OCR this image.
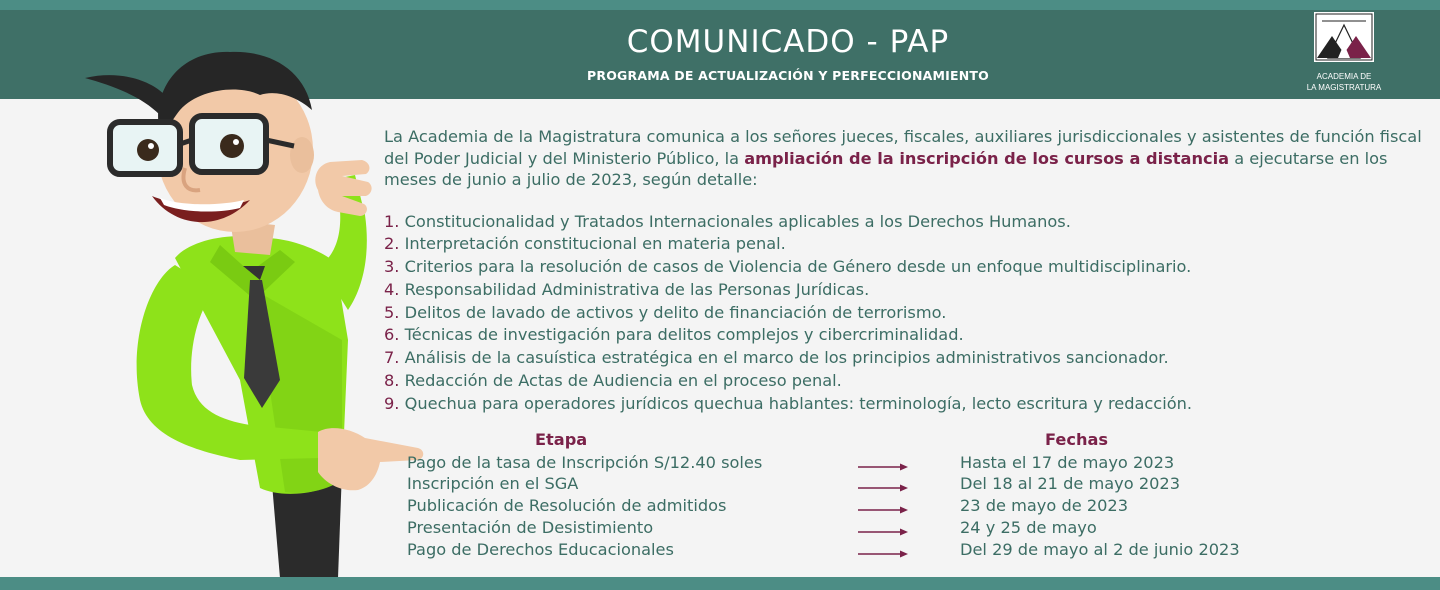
COMUNICADO - PAP
PROGRAMA DE ACTUALIZACIÓN Y PERFECCIONAMIENTO	ACADEMIA DE
LA MAGISTRATURA

La Academia de la Magistratura comunica a los señores jueces, fiscales, auxiliares jurisdiccionales y asistentes de función fiscal del Poder Judicial y del Ministerio Público, la ampliación de la inscripción de los cursos a distancia a ejecutarse en los meses de junio a julio de 2023, según detalle:

1. Constitucionalidad y Tratados Internacionales aplicables a los Derechos Humanos.
2. Interpretación constitucional en materia penal.
3. Criterios para la resolución de casos de Violencia de Género desde un enfoque multidisciplinario.
4. Responsabilidad Administrativa de las Personas Jurídicas.
5. Delitos de lavado de activos y delito de financiación de terrorismo.
6. Técnicas de investigación para delitos complejos y cibercriminalidad.
7. Análisis de la casuística estratégica en el marco de los principios administrativos sancionador.
8. Redacción de Actas de Audiencia en el proceso penal.
9. Quechua para operadores jurídicos quechua hablantes: terminología, lecto escritura y redacción.
Etapa	Fechas
Pago de la tasa de Inscripción S/12.40 soles	Hasta el 17 de mayo 2023
Inscripción en el SGA	Del 18 al 21 de mayo 2023
Publicación de Resolución de admitidos	23 de mayo de 2023
Presentación de Desistimiento	24 y 25 de mayo
Pago de Derechos Educacionales	Del 29 de mayo al 2 de junio 2023
